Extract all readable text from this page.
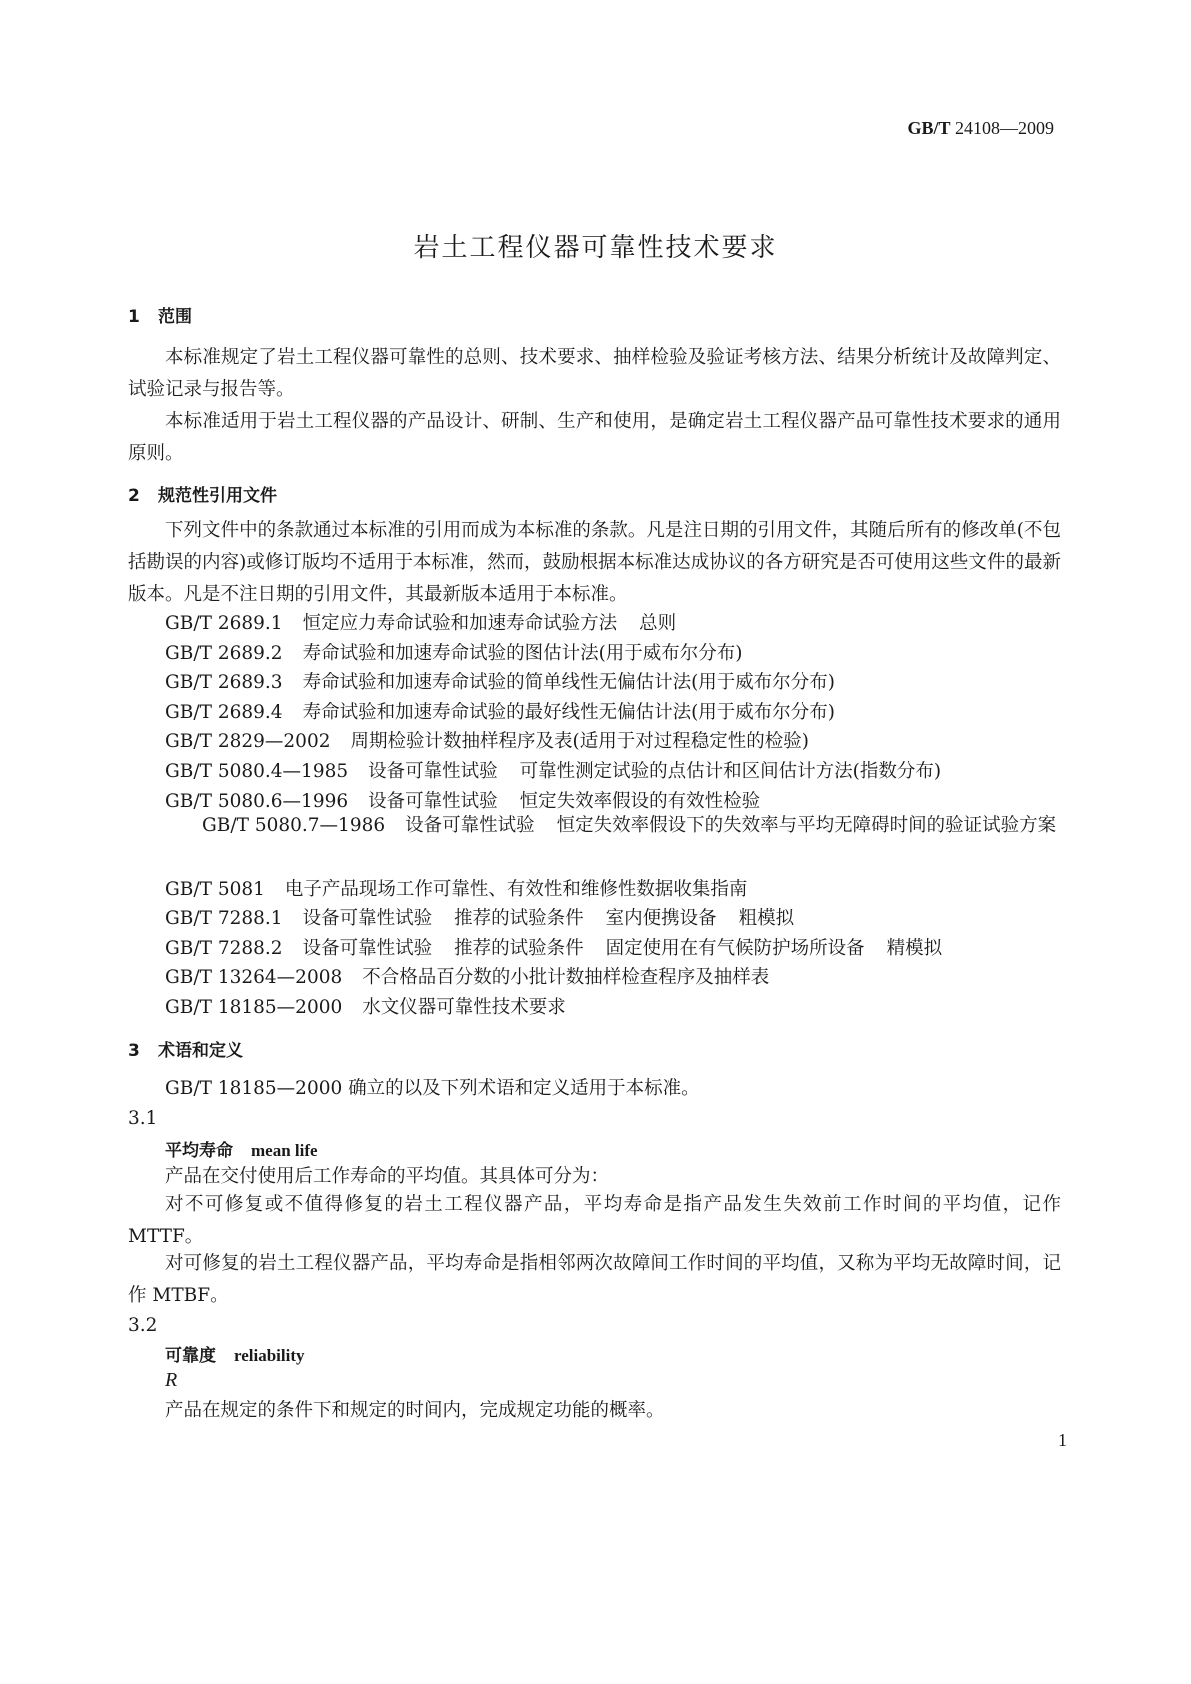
GB/T 24108—2009
岩土工程仪器可靠性技术要求
1 范围
本标准规定了岩土工程仪器可靠性的总则、技术要求、抽样检验及验证考核方法、结果分析统计及故障判定、试验记录与报告等。
本标准适用于岩土工程仪器的产品设计、研制、生产和使用，是确定岩土工程仪器产品可靠性技术要求的通用原则。
2 规范性引用文件
下列文件中的条款通过本标准的引用而成为本标准的条款。凡是注日期的引用文件，其随后所有的修改单(不包括勘误的内容)或修订版均不适用于本标准，然而，鼓励根据本标准达成协议的各方研究是否可使用这些文件的最新版本。凡是不注日期的引用文件，其最新版本适用于本标准。
GB/T 2689.1 恒定应力寿命试验和加速寿命试验方法 总则
GB/T 2689.2 寿命试验和加速寿命试验的图估计法(用于威布尔分布)
GB/T 2689.3 寿命试验和加速寿命试验的简单线性无偏估计法(用于威布尔分布)
GB/T 2689.4 寿命试验和加速寿命试验的最好线性无偏估计法(用于威布尔分布)
GB/T 2829—2002 周期检验计数抽样程序及表(适用于对过程稳定性的检验)
GB/T 5080.4—1985 设备可靠性试验 可靠性测定试验的点估计和区间估计方法(指数分布)
GB/T 5080.6—1996 设备可靠性试验 恒定失效率假设的有效性检验
GB/T 5080.7—1986 设备可靠性试验 恒定失效率假设下的失效率与平均无障碍时间的验证试验方案
GB/T 5081 电子产品现场工作可靠性、有效性和维修性数据收集指南
GB/T 7288.1 设备可靠性试验 推荐的试验条件 室内便携设备 粗模拟
GB/T 7288.2 设备可靠性试验 推荐的试验条件 固定使用在有气候防护场所设备 精模拟
GB/T 13264—2008 不合格品百分数的小批计数抽样检查程序及抽样表
GB/T 18185—2000 水文仪器可靠性技术要求
3 术语和定义
GB/T 18185—2000 确立的以及下列术语和定义适用于本标准。
3.1
平均寿命 mean life
产品在交付使用后工作寿命的平均值。其具体可分为：
对不可修复或不值得修复的岩土工程仪器产品，平均寿命是指产品发生失效前工作时间的平均值，记作 MTTF。
对可修复的岩土工程仪器产品，平均寿命是指相邻两次故障间工作时间的平均值，又称为平均无故障时间，记作 MTBF。
3.2
可靠度 reliability
R
产品在规定的条件下和规定的时间内，完成规定功能的概率。
1
